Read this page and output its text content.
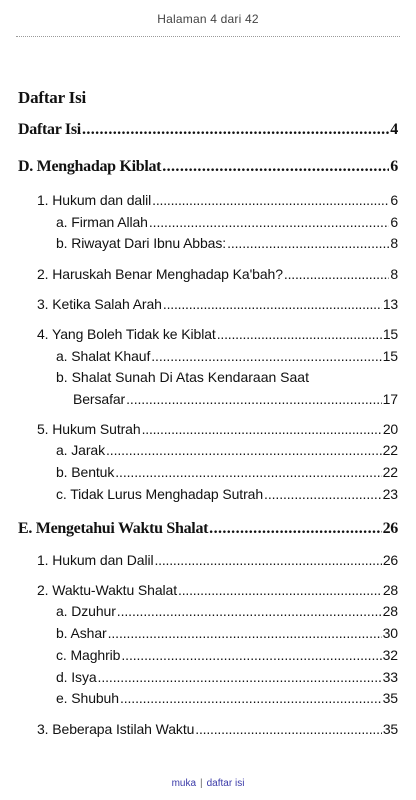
Halaman 4 dari 42
Daftar Isi
Daftar Isi .....	4
D. Menghadap Kiblat .....	6
1. Hukum dan dalil .....	6
a. Firman Allah .....	6
b. Riwayat Dari Ibnu Abbas: .....	8
2. Haruskah Benar Menghadap Ka'bah? .....	8
3. Ketika Salah Arah .....	13
4. Yang Boleh Tidak ke Kiblat .....	15
a. Shalat Khauf .....	15
b. Shalat Sunah Di Atas Kendaraan Saat
Bersafar .....	17
5. Hukum Sutrah .....	20
a. Jarak .....	22
b. Bentuk .....	22
c. Tidak Lurus Menghadap Sutrah .....	23
E. Mengetahui Waktu Shalat .....	26
1. Hukum dan Dalil .....	26
2. Waktu-Waktu Shalat .....	28
a. Dzuhur .....	28
b. Ashar .....	30
c. Maghrib .....	32
d. Isya .....	33
e. Shubuh .....	35
3. Beberapa Istilah Waktu .....	35
muka | daftar isi
